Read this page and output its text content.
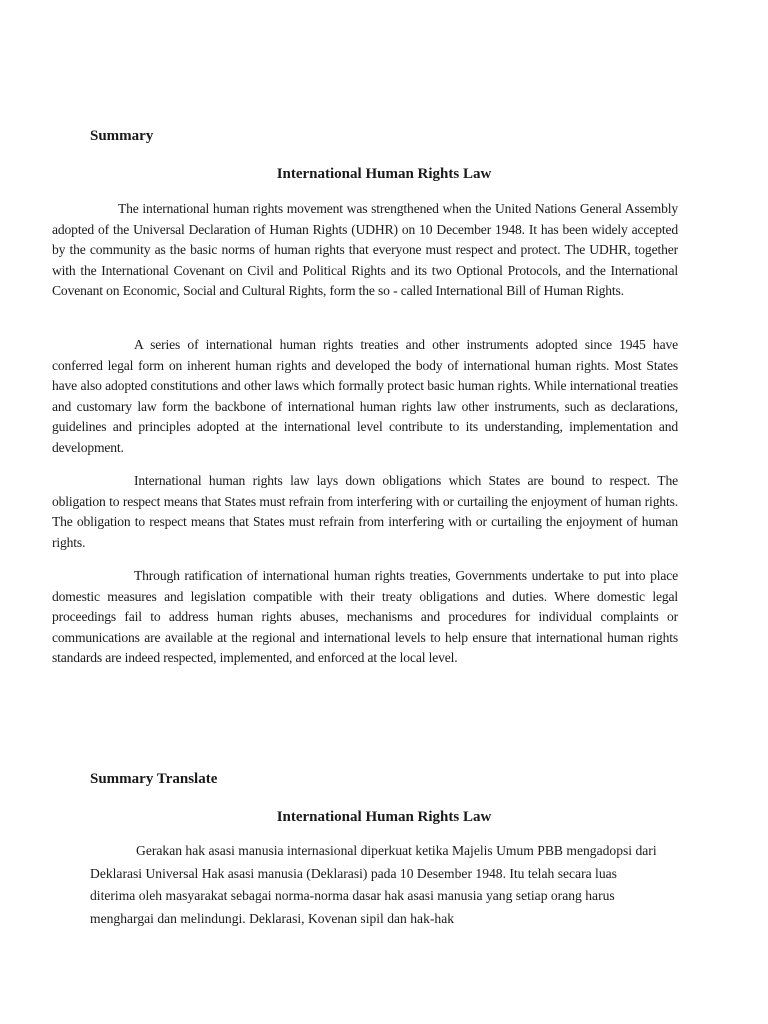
Summary
International Human Rights Law

The international human rights movement was strengthened when the United Nations General Assembly adopted of the Universal Declaration of Human Rights (UDHR) on 10 December 1948. It has been widely accepted by the community as the basic norms of human rights that everyone must respect and protect. The UDHR, together with the International Covenant on Civil and Political Rights and its two Optional Protocols, and the International Covenant on Economic, Social and Cultural Rights, form the so - called International Bill of Human Rights.

A series of international human rights treaties and other instruments adopted since 1945 have conferred legal form on inherent human rights and developed the body of international human rights. Most States have also adopted constitutions and other laws which formally protect basic human rights. While international treaties and customary law form the backbone of international human rights law other instruments, such as declarations, guidelines and principles adopted at the international level contribute to its understanding, implementation and development.

International human rights law lays down obligations which States are bound to respect. The obligation to respect means that States must refrain from interfering with or curtailing the enjoyment of human rights. The obligation to respect means that States must refrain from interfering with or curtailing the enjoyment of human rights.

Through ratification of international human rights treaties, Governments undertake to put into place domestic measures and legislation compatible with their treaty obligations and duties. Where domestic legal proceedings fail to address human rights abuses, mechanisms and procedures for individual complaints or communications are available at the regional and international levels to help ensure that international human rights standards are indeed respected, implemented, and enforced at the local level.

Summary Translate
International Human Rights Law

Gerakan hak asasi manusia internasional diperkuat ketika Majelis Umum PBB mengadopsi dari Deklarasi Universal Hak asasi manusia (Deklarasi) pada 10 Desember 1948. Itu telah secara luas diterima oleh masyarakat sebagai norma-norma dasar hak asasi manusia yang setiap orang harus menghargai dan melindungi. Deklarasi, Kovenan sipil dan hak-hak
